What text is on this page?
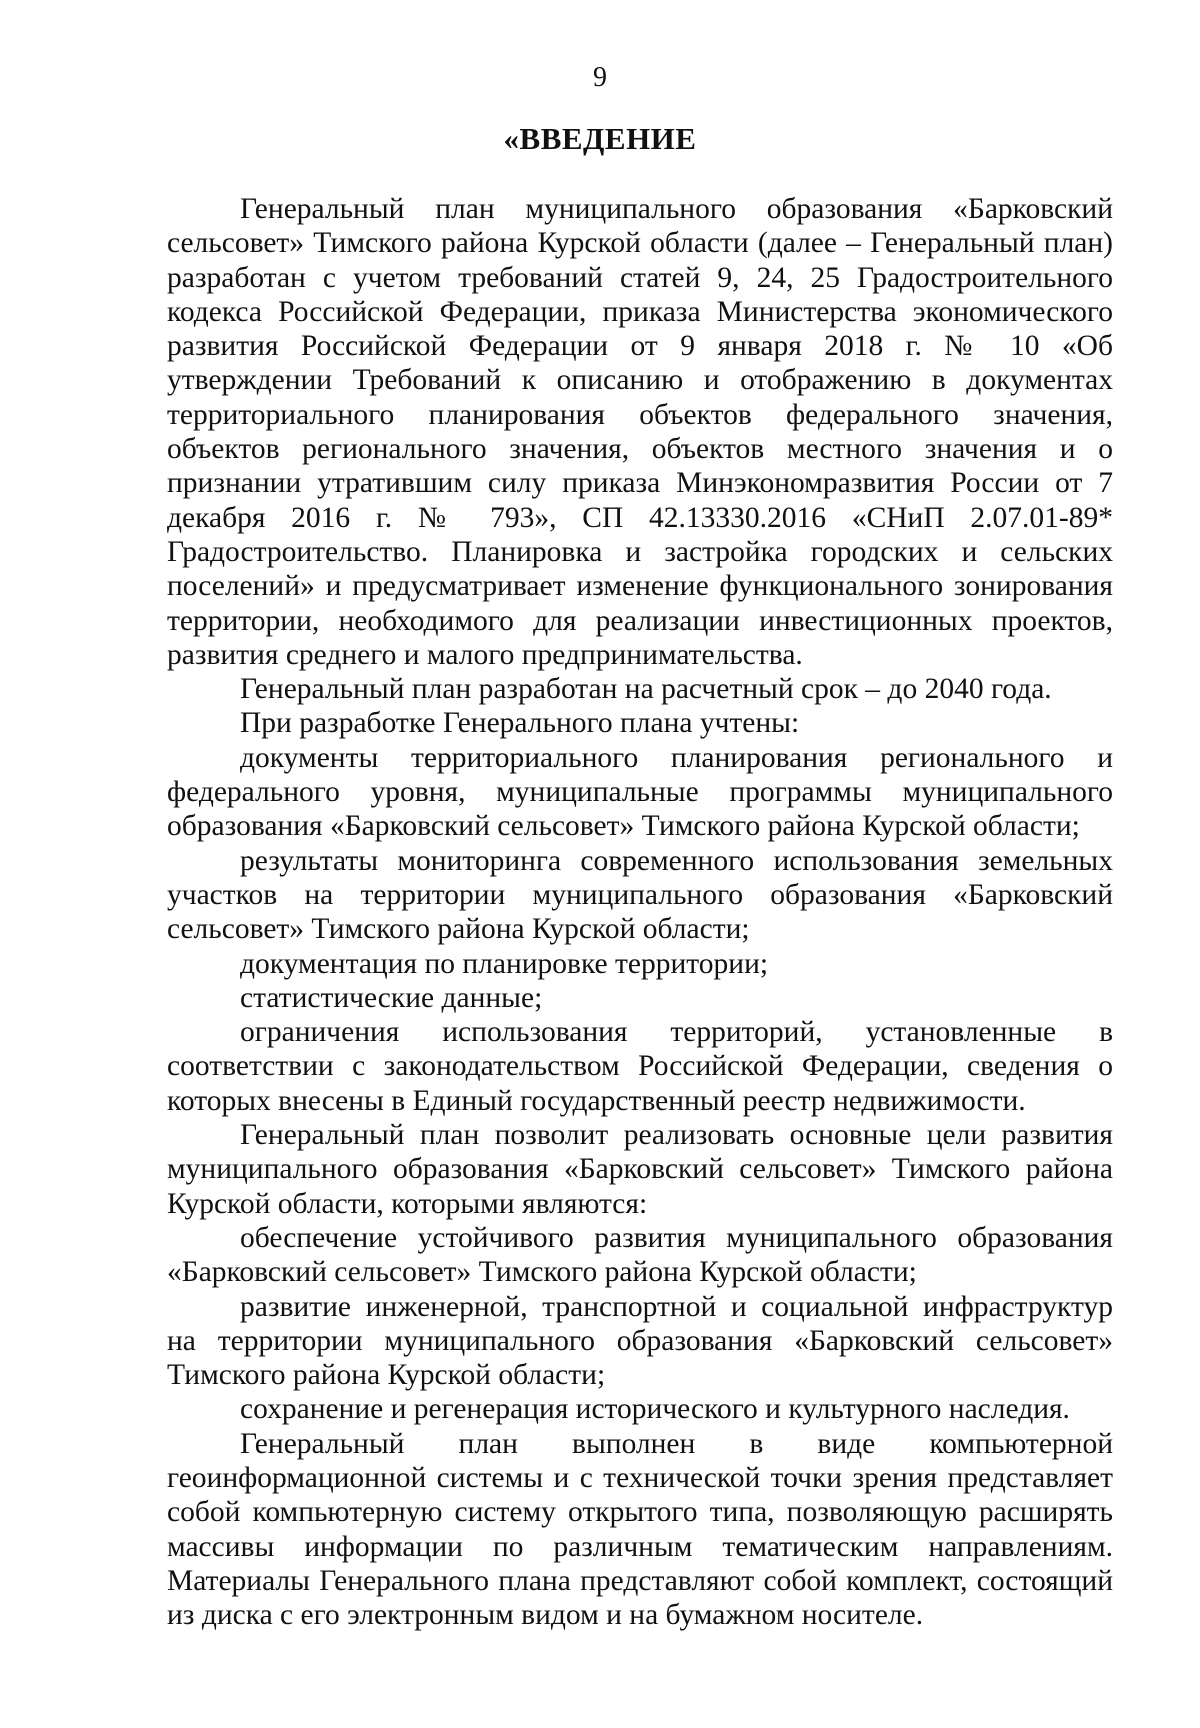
9
«ВВЕДЕНИЕ

Генеральный план муниципального образования «Барковский сельсовет» Тимского района Курской области (далее – Генеральный план) разработан с учетом требований статей 9, 24, 25 Градостроительного кодекса Российской Федерации, приказа Министерства экономического развития Российской Федерации от 9 января 2018 г. № 10 «Об утверждении Требований к описанию и отображению в документах территориального планирования объектов федерального значения, объектов регионального значения, объектов местного значения и о признании утратившим силу приказа Минэкономразвития России от 7 декабря 2016 г. № 793», СП 42.13330.2016 «СНиП 2.07.01-89* Градостроительство. Планировка и застройка городских и сельских поселений» и предусматривает изменение функционального зонирования территории, необходимого для реализации инвестиционных проектов, развития среднего и малого предпринимательства.

Генеральный план разработан на расчетный срок – до 2040 года.

При разработке Генерального плана учтены:

документы территориального планирования регионального и федерального уровня, муниципальные программы муниципального образования «Барковский сельсовет» Тимского района Курской области;

результаты мониторинга современного использования земельных участков на территории муниципального образования «Барковский сельсовет» Тимского района Курской области;

документация по планировке территории;

статистические данные;

ограничения использования территорий, установленные в соответствии с законодательством Российской Федерации, сведения о которых внесены в Единый государственный реестр недвижимости.

Генеральный план позволит реализовать основные цели развития муниципального образования «Барковский сельсовет» Тимского района Курской области, которыми являются:

обеспечение устойчивого развития муниципального образования «Барковский сельсовет» Тимского района Курской области;

развитие инженерной, транспортной и социальной инфраструктур на территории муниципального образования «Барковский сельсовет» Тимского района Курской области;

сохранение и регенерация исторического и культурного наследия.

Генеральный план выполнен в виде компьютерной геоинформационной системы и с технической точки зрения представляет собой компьютерную систему открытого типа, позволяющую расширять массивы информации по различным тематическим направлениям. Материалы Генерального плана представляют собой комплект, состоящий из диска с его электронным видом и на бумажном носителе.
